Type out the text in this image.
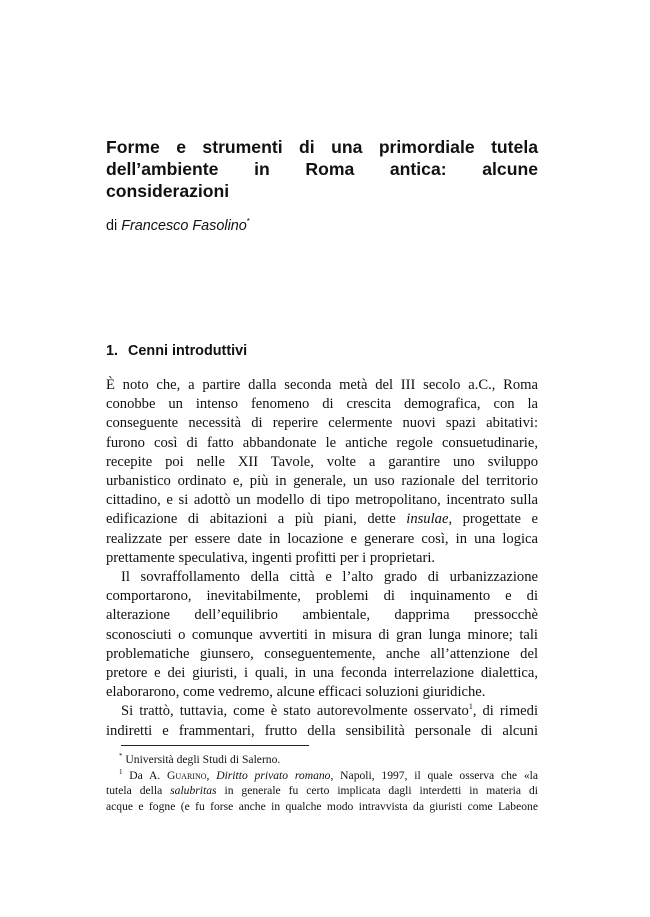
Forme e strumenti di una primordiale tutela
dell’ambiente in Roma antica: alcune
considerazioni

di Francesco Fasolino*

1. Cenni introduttivi
È noto che, a partire dalla seconda metà del III secolo a.C., Roma
conobbe un intenso fenomeno di crescita demografica, con la
conseguente necessità di reperire celermente nuovi spazi abitativi:
furono così di fatto abbandonate le antiche regole consuetudinarie,
recepite poi nelle XII Tavole, volte a garantire uno sviluppo
urbanistico ordinato e, più in generale, un uso razionale del territorio
cittadino, e si adottò un modello di tipo metropolitano, incentrato sulla
edificazione di abitazioni a più piani, dette insulae, progettate e
realizzate per essere date in locazione e generare così, in una logica
prettamente speculativa, ingenti profitti per i proprietari.
Il sovraffollamento della città e l’alto grado di urbanizzazione
comportarono, inevitabilmente, problemi di inquinamento e di
alterazione dell’equilibrio ambientale, dapprima pressocchè
sconosciuti o comunque avvertiti in misura di gran lunga minore; tali
problematiche giunsero, conseguentemente, anche all’attenzione del
pretore e dei giuristi, i quali, in una feconda interrelazione dialettica,
elaborarono, come vedremo, alcune efficaci soluzioni giuridiche.
Si trattò, tuttavia, come è stato autorevolmente osservato$^1$, di rimedi
indiretti e frammentari, frutto della sensibilità personale di alcuni
* Università degli Studi di Salerno.
$^1$ Da A. Guarino, Diritto privato romano, Napoli, 1997, il quale osserva che «la
tutela della salubritas in generale fu certo implicata dagli interdetti in materia di
acque e fogne (e fu forse anche in qualche modo intravvista da giuristi come Labeone
